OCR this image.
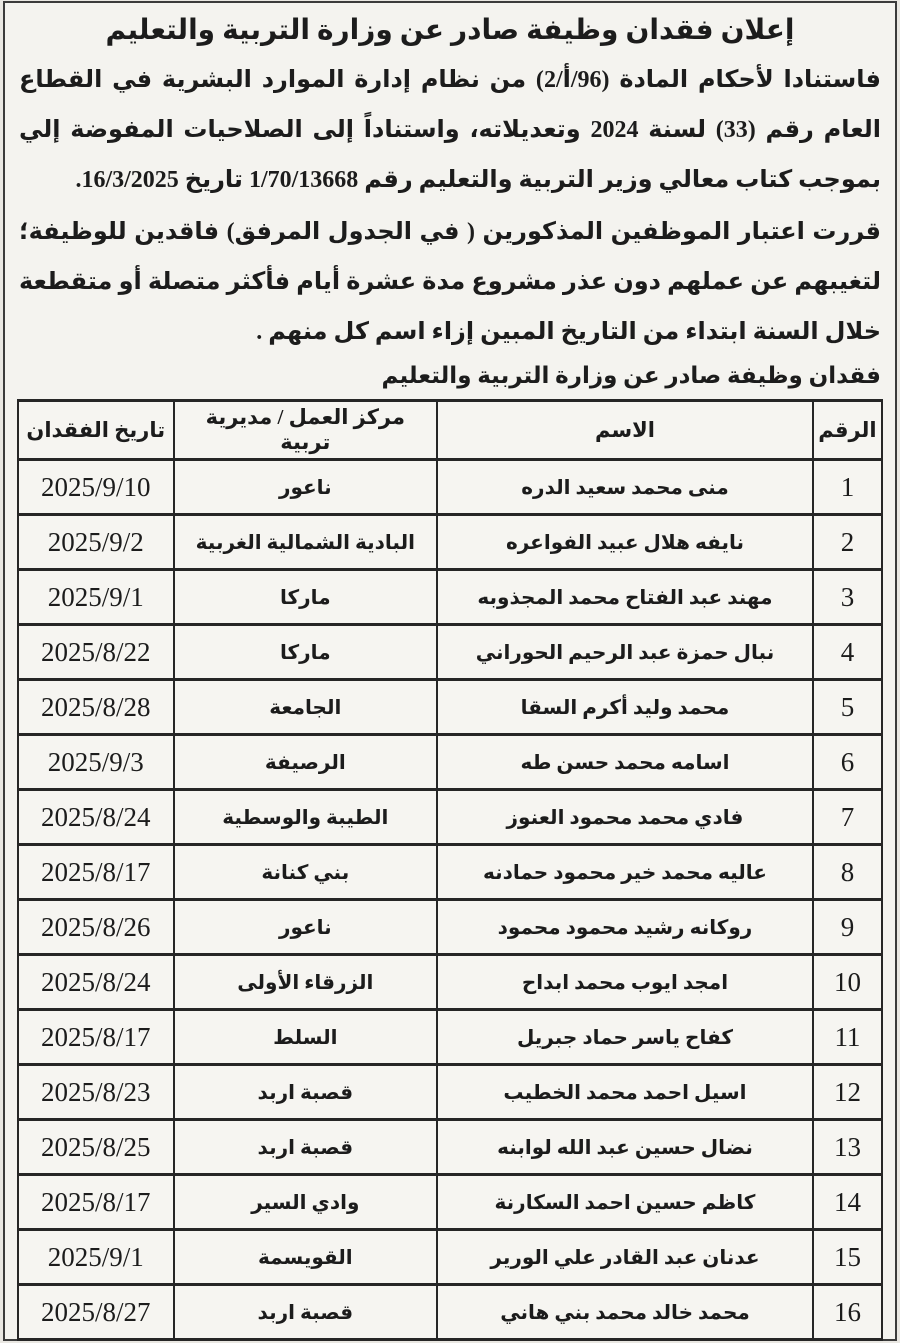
إعلان فقدان وظيفة صادر عن وزارة التربية والتعليم

فاستنادا لأحكام المادة (96/أ/2) من نظام إدارة الموارد البشرية في القطاع العام رقم (33) لسنة 2024 وتعديلاته، واستناداً إلى الصلاحيات المفوضة إلي بموجب كتاب معالي وزير التربية والتعليم رقم 1/70/13668 تاريخ 16/3/2025.

قررت اعتبار الموظفين المذكورين ( في الجدول المرفق) فاقدين للوظيفة؛ لتغيبهم عن عملهم دون عذر مشروع مدة عشرة أيام فأكثر متصلة أو متقطعة خلال السنة ابتداء من التاريخ المبين إزاء اسم كل منهم .

فقدان وظيفة صادر عن وزارة التربية والتعليم
الرقم	الاسم	مركز العمل / مديرية تربية	تاريخ الفقدان
1	منى محمد سعيد الدره	ناعور	2025/9/10
2	نايفه هلال عبيد الفواعره	البادية الشمالية الغربية	2025/9/2
3	مهند عبد الفتاح محمد المجذوبه	ماركا	2025/9/1
4	نبال حمزة عبد الرحيم الحوراني	ماركا	2025/8/22
5	محمد وليد أكرم السقا	الجامعة	2025/8/28
6	اسامه محمد حسن طه	الرصيفة	2025/9/3
7	فادي محمد محمود العنوز	الطيبة والوسطية	2025/8/24
8	عاليه محمد خير محمود حمادنه	بني كنانة	2025/8/17
9	روكانه رشيد محمود محمود	ناعور	2025/8/26
10	امجد ايوب محمد ابداح	الزرقاء الأولى	2025/8/24
11	كفاح ياسر حماد جبريل	السلط	2025/8/17
12	اسيل احمد محمد الخطيب	قصبة اربد	2025/8/23
13	نضال حسين عبد الله لوابنه	قصبة اربد	2025/8/25
14	كاظم حسين احمد السكارنة	وادي السير	2025/8/17
15	عدنان عبد القادر علي الورير	القويسمة	2025/9/1
16	محمد خالد محمد بني هاني	قصبة اربد	2025/8/27
